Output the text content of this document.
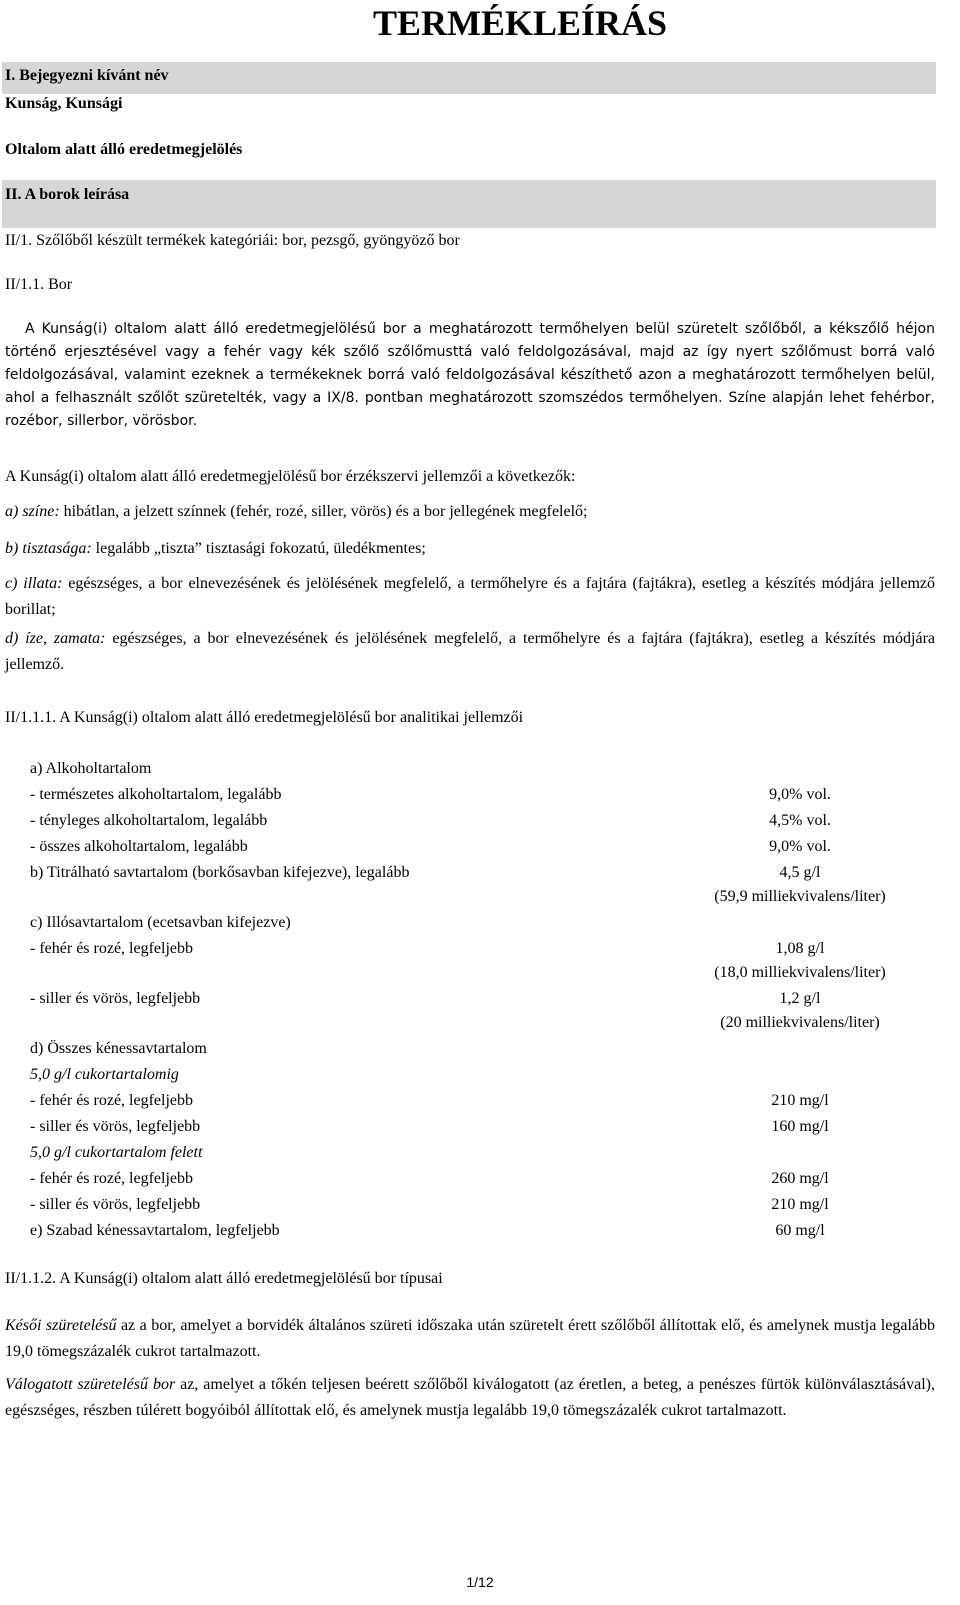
TERMÉKLEÍRÁS
I. Bejegyezni kívánt név
Kunság, Kunsági
Oltalom alatt álló eredetmegjelölés
II. A borok leírása
II/1. Szőlőből készült termékek kategóriái: bor, pezsgő, gyöngyöző bor
II/1.1. Bor
A Kunság(i) oltalom alatt álló eredetmegjelölésű bor a meghatározott termőhelyen belül szüretelt szőlőből, a kékszőlő héjon történő erjesztésével vagy a fehér vagy kék szőlő szőlőmusttá való feldolgozásával, majd az így nyert szőlőmust borrá való feldolgozásával, valamint ezeknek a termékeknek borrá való feldolgozásával készíthető azon a meghatározott termőhelyen belül, ahol a felhasznált szőlőt szüretelték, vagy a IX/8. pontban meghatározott szomszédos termőhelyen. Színe alapján lehet fehérbor, rozébor, sillerbor, vörösbor.
A Kunság(i) oltalom alatt álló eredetmegjelölésű bor érzékszervi jellemzői a következők:
a) színe: hibátlan, a jelzett színnek (fehér, rozé, siller, vörös) és a bor jellegének megfelelő;
b) tisztasága: legalább „tiszta” tisztasági fokozatú, üledékmentes;
c) illata: egészséges, a bor elnevezésének és jelölésének megfelelő, a termőhelyre és a fajtára (fajtákra), esetleg a készítés módjára jellemző borillat;
d) íze, zamata: egészséges, a bor elnevezésének és jelölésének megfelelő, a termőhelyre és a fajtára (fajtákra), esetleg a készítés módjára jellemző.
II/1.1.1. A Kunság(i) oltalom alatt álló eredetmegjelölésű bor analitikai jellemzői
a) Alkoholtartalom
- természetes alkoholtartalom, legalább	9,0% vol.
- tényleges alkoholtartalom, legalább	4,5% vol.
- összes alkoholtartalom, legalább	9,0% vol.
b) Titrálható savtartalom (borkősavban kifejezve), legalább	4,5 g/l
(59,9 milliekvivalens/liter)
c) Illósavtartalom (ecetsavban kifejezve)
- fehér és rozé, legfeljebb	1,08 g/l
(18,0 milliekvivalens/liter)
- siller és vörös, legfeljebb	1,2 g/l
(20 milliekvivalens/liter)
d) Összes kénessavtartalom
5,0 g/l cukortartalomig
- fehér és rozé, legfeljebb	210 mg/l
- siller és vörös, legfeljebb	160 mg/l
5,0 g/l cukortartalom felett
- fehér és rozé, legfeljebb	260 mg/l
- siller és vörös, legfeljebb	210 mg/l
e) Szabad kénessavtartalom, legfeljebb	60 mg/l
II/1.1.2. A Kunság(i) oltalom alatt álló eredetmegjelölésű bor típusai
Késői szüretelésű az a bor, amelyet a borvidék általános szüreti időszaka után szüretelt érett szőlőből állítottak elő, és amelynek mustja legalább 19,0 tömegszázalék cukrot tartalmazott.
Válogatott szüretelésű bor az, amelyet a tőkén teljesen beérett szőlőből kiválogatott (az éretlen, a beteg, a penészes fürtök különválasztásával), egészséges, részben túlérett bogyóiból állítottak elő, és amelynek mustja legalább 19,0 tömegszázalék cukrot tartalmazott.
1/12
